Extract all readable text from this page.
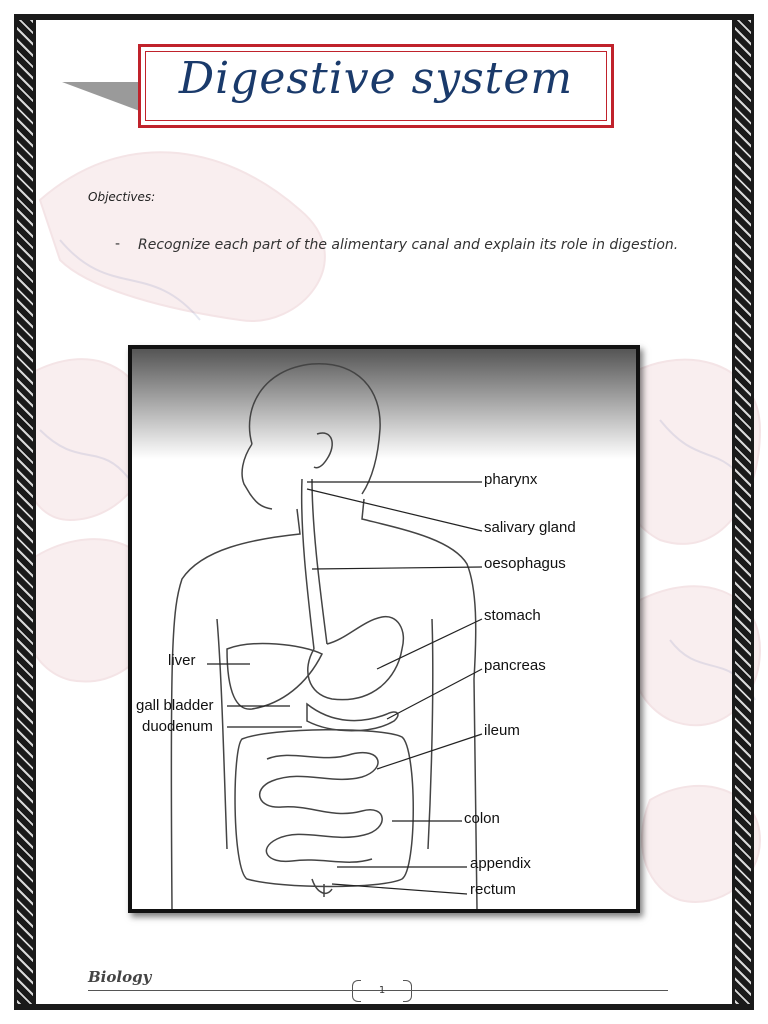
Digestive system
Objectives:
- Recognize each part of the alimentary canal and explain its role in digestion.
pharynx
salivary gland
oesophagus
stomach
pancreas
ileum
colon
appendix
rectum
liver
gall bladder
duodenum
Biology
1
